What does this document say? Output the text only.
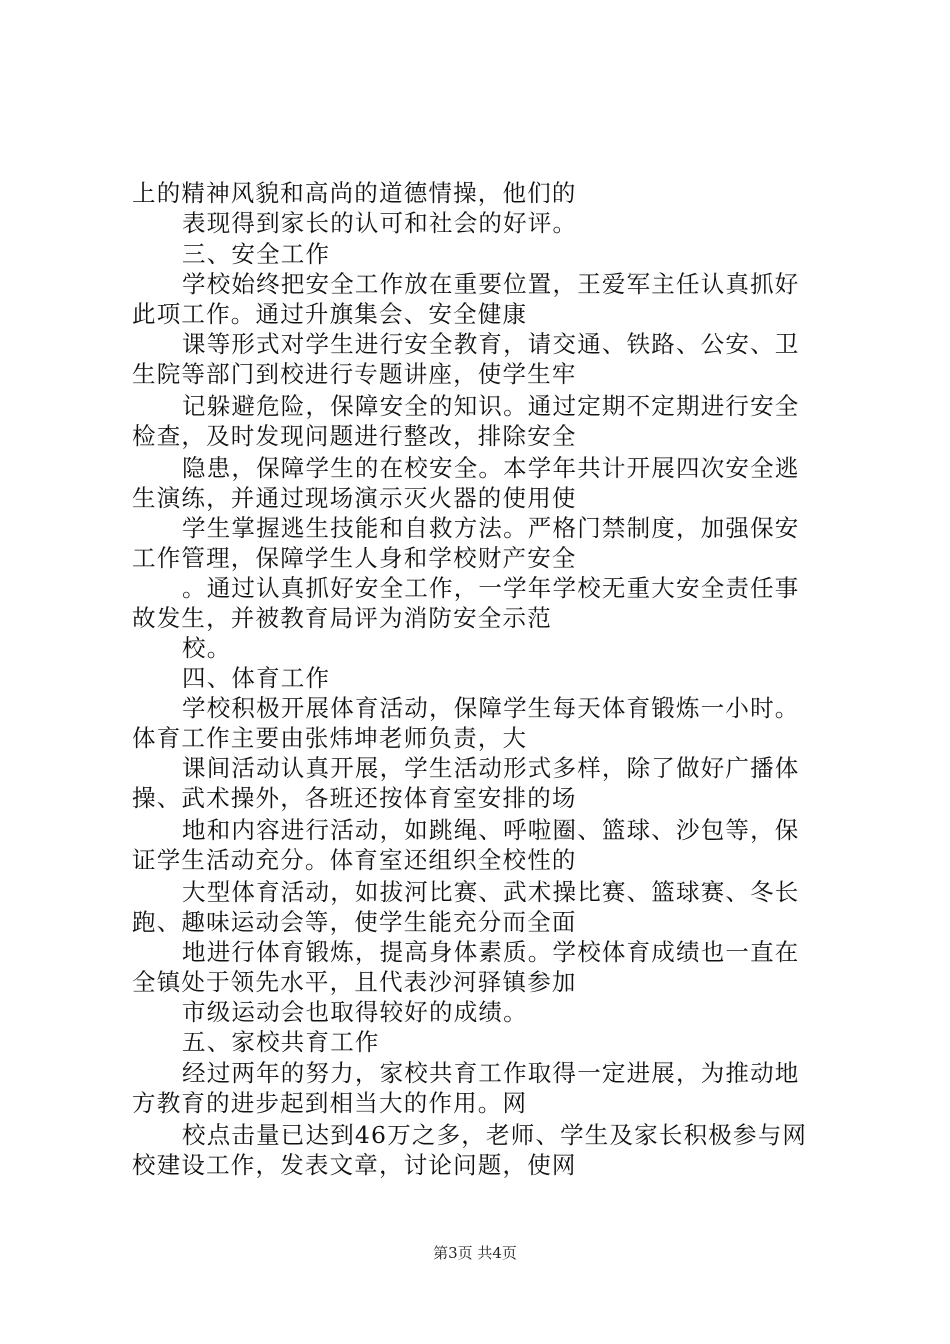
上的精神风貌和高尚的道德情操，他们的
表现得到家长的认可和社会的好评。
三、安全工作
学校始终把安全工作放在重要位置，王爱军主任认真抓好
此项工作。通过升旗集会、安全健康
课等形式对学生进行安全教育，请交通、铁路、公安、卫
生院等部门到校进行专题讲座，使学生牢
记躲避危险，保障安全的知识。通过定期不定期进行安全
检查，及时发现问题进行整改，排除安全
隐患，保障学生的在校安全。本学年共计开展四次安全逃
生演练，并通过现场演示灭火器的使用使
学生掌握逃生技能和自救方法。严格门禁制度，加强保安
工作管理，保障学生人身和学校财产安全
。通过认真抓好安全工作，一学年学校无重大安全责任事
故发生，并被教育局评为消防安全示范
校。
四、体育工作
学校积极开展体育活动，保障学生每天体育锻炼一小时。
体育工作主要由张炜坤老师负责，大
课间活动认真开展，学生活动形式多样，除了做好广播体
操、武术操外，各班还按体育室安排的场
地和内容进行活动，如跳绳、呼啦圈、篮球、沙包等，保
证学生活动充分。体育室还组织全校性的
大型体育活动，如拔河比赛、武术操比赛、篮球赛、冬长
跑、趣味运动会等，使学生能充分而全面
地进行体育锻炼，提高身体素质。学校体育成绩也一直在
全镇处于领先水平，且代表沙河驿镇参加
市级运动会也取得较好的成绩。
五、家校共育工作
经过两年的努力，家校共育工作取得一定进展，为推动地
方教育的进步起到相当大的作用。网
校点击量已达到46万之多，老师、学生及家长积极参与网
校建设工作，发表文章，讨论问题，使网
第3页 共4页
